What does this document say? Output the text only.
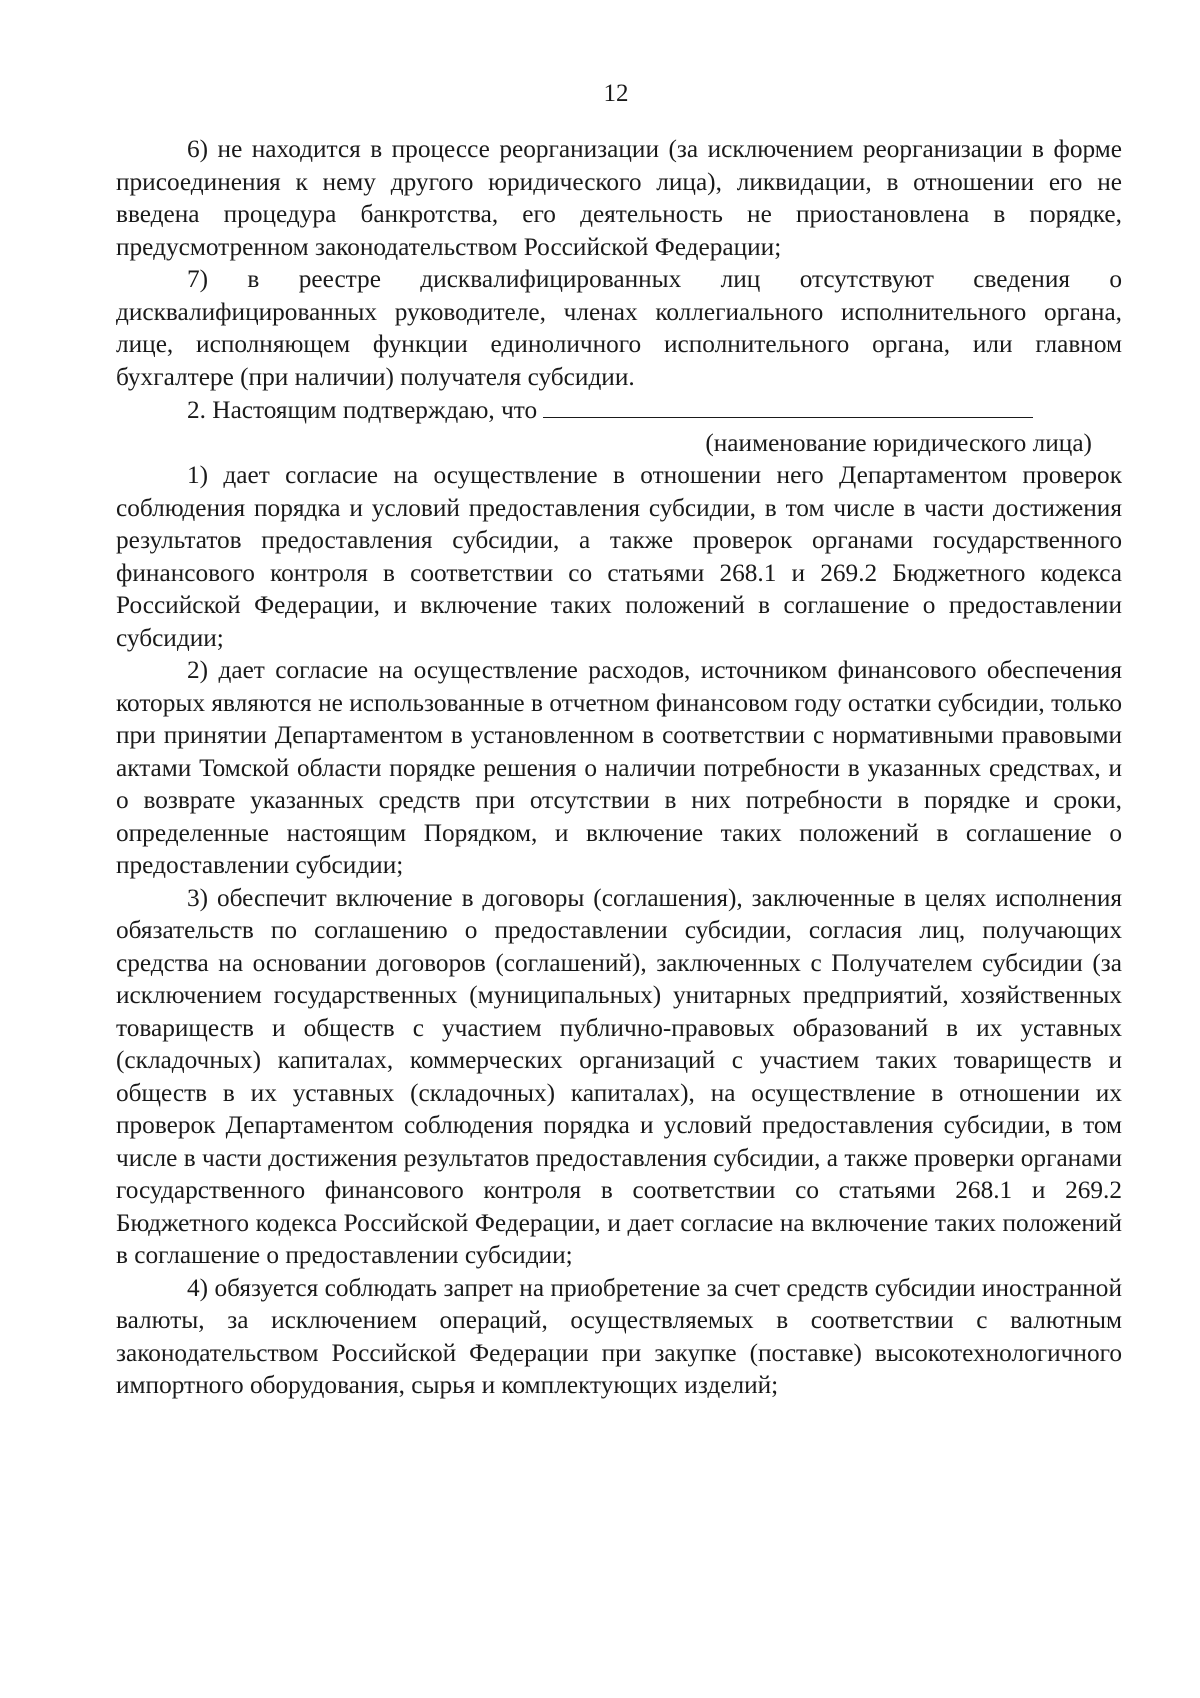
12

6) не находится в процессе реорганизации (за исключением реорганизации в форме присоединения к нему другого юридического лица), ликвидации, в отношении его не введена процедура банкротства, его деятельность не приостановлена в порядке, предусмотренном законодательством Российской Федерации;

7) в реестре дисквалифицированных лиц отсутствуют сведения о дисквалифицированных руководителе, членах коллегиального исполнительного органа, лице, исполняющем функции единоличного исполнительного органа, или главном бухгалтере (при наличии) получателя субсидии.

2. Настоящим подтверждаю, что

(наименование юридического лица)

1) дает согласие на осуществление в отношении него Департаментом проверок соблюдения порядка и условий предоставления субсидии, в том числе в части достижения результатов предоставления субсидии, а также проверок органами государственного финансового контроля в соответствии со статьями 268.1 и 269.2 Бюджетного кодекса Российской Федерации, и включение таких положений в соглашение о предоставлении субсидии;

2) дает согласие на осуществление расходов, источником финансового обеспечения которых являются не использованные в отчетном финансовом году остатки субсидии, только при принятии Департаментом в установленном в соответствии с нормативными правовыми актами Томской области порядке решения о наличии потребности в указанных средствах, и о возврате указанных средств при отсутствии в них потребности в порядке и сроки, определенные настоящим Порядком, и включение таких положений в соглашение о предоставлении субсидии;

3) обеспечит включение в договоры (соглашения), заключенные в целях исполнения обязательств по соглашению о предоставлении субсидии, согласия лиц, получающих средства на основании договоров (соглашений), заключенных с Получателем субсидии (за исключением государственных (муниципальных) унитарных предприятий, хозяйственных товариществ и обществ с участием публично-правовых образований в их уставных (складочных) капиталах, коммерческих организаций с участием таких товариществ и обществ в их уставных (складочных) капиталах), на осуществление в отношении их проверок Департаментом соблюдения порядка и условий предоставления субсидии, в том числе в части достижения результатов предоставления субсидии, а также проверки органами государственного финансового контроля в соответствии со статьями 268.1 и 269.2 Бюджетного кодекса Российской Федерации, и дает согласие на включение таких положений в соглашение о предоставлении субсидии;

4) обязуется соблюдать запрет на приобретение за счет средств субсидии иностранной валюты, за исключением операций, осуществляемых в соответствии с валютным законодательством Российской Федерации при закупке (поставке) высокотехнологичного импортного оборудования, сырья и комплектующих изделий;
